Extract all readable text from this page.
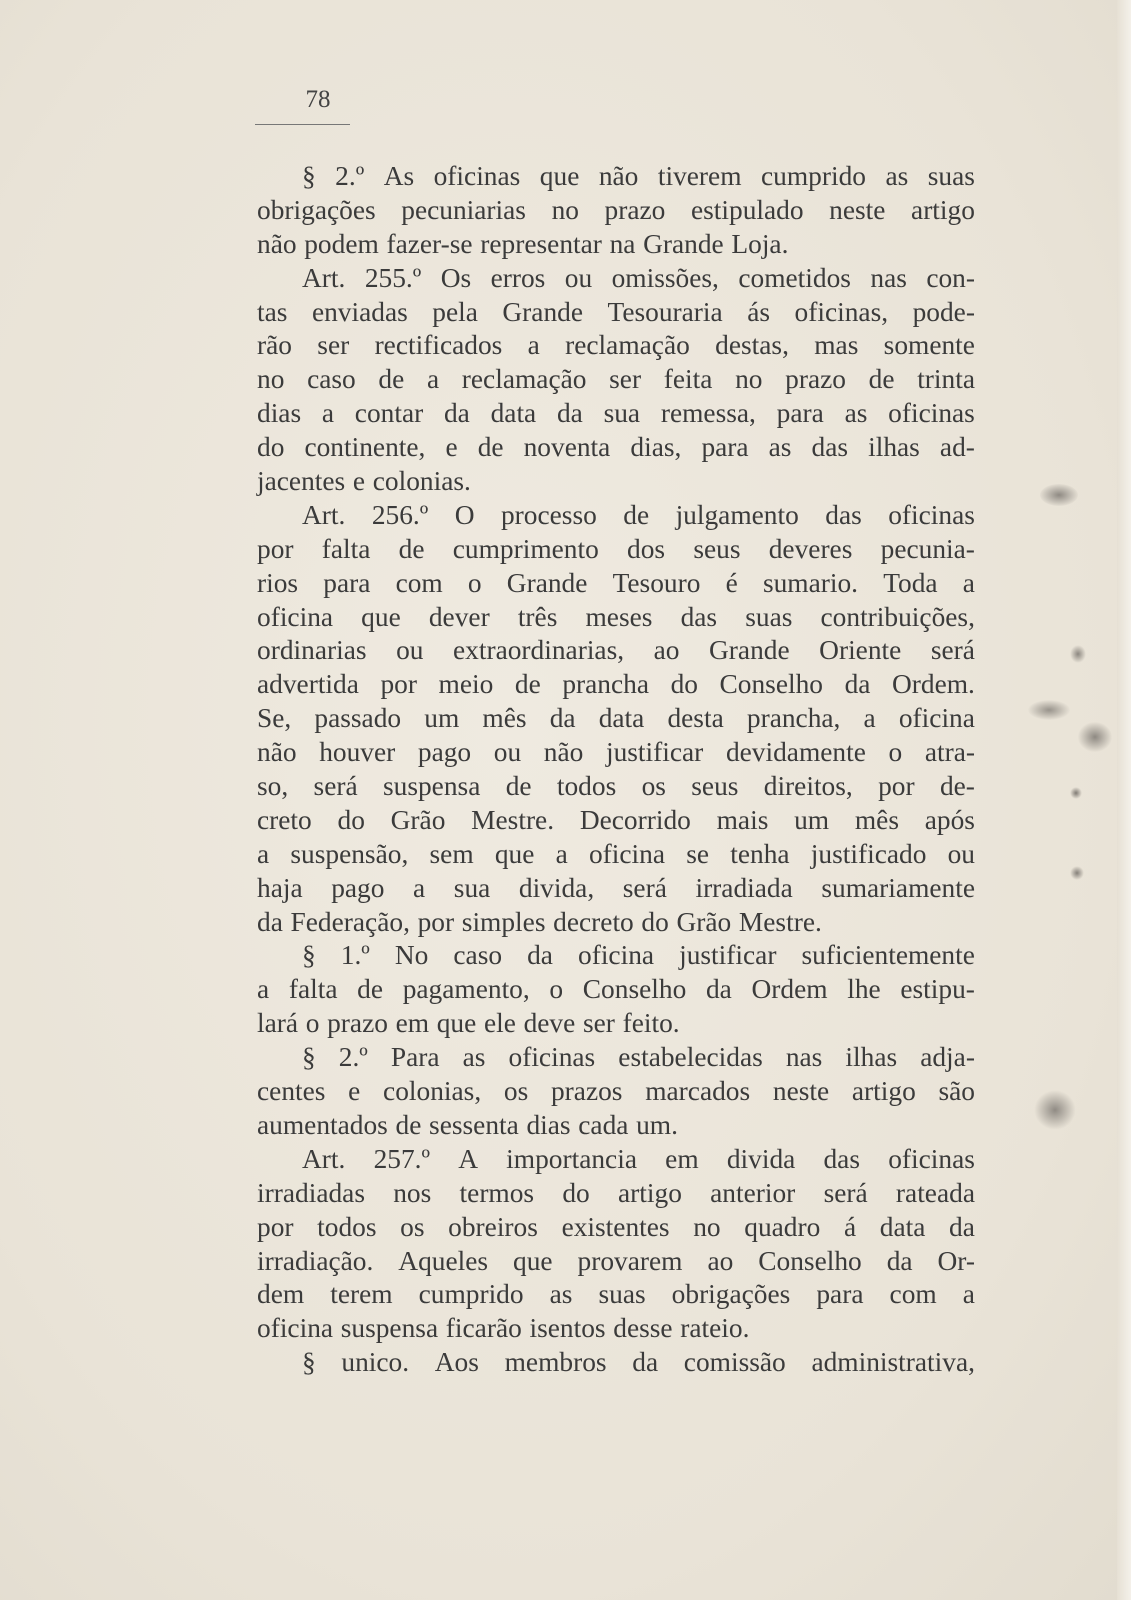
78
§ 2.º As oficinas que não tiverem cumprido as suas
obrigações pecuniarias no prazo estipulado neste artigo
não podem fazer-se representar na Grande Loja.
Art. 255.º Os erros ou omissões, cometidos nas con-
tas enviadas pela Grande Tesouraria ás oficinas, pode-
rão ser rectificados a reclamação destas, mas somente
no caso de a reclamação ser feita no prazo de trinta
dias a contar da data da sua remessa, para as oficinas
do continente, e de noventa dias, para as das ilhas ad-
jacentes e colonias.
Art. 256.º O processo de julgamento das oficinas
por falta de cumprimento dos seus deveres pecunia-
rios para com o Grande Tesouro é sumario. Toda a
oficina que dever três meses das suas contribuições,
ordinarias ou extraordinarias, ao Grande Oriente será
advertida por meio de prancha do Conselho da Ordem.
Se, passado um mês da data desta prancha, a oficina
não houver pago ou não justificar devidamente o atra-
so, será suspensa de todos os seus direitos, por de-
creto do Grão Mestre. Decorrido mais um mês após
a suspensão, sem que a oficina se tenha justificado ou
haja pago a sua divida, será irradiada sumariamente
da Federação, por simples decreto do Grão Mestre.
§ 1.º No caso da oficina justificar suficientemente
a falta de pagamento, o Conselho da Ordem lhe estipu-
lará o prazo em que ele deve ser feito.
§ 2.º Para as oficinas estabelecidas nas ilhas adja-
centes e colonias, os prazos marcados neste artigo são
aumentados de sessenta dias cada um.
Art. 257.º A importancia em divida das oficinas
irradiadas nos termos do artigo anterior será rateada
por todos os obreiros existentes no quadro á data da
irradiação. Aqueles que provarem ao Conselho da Or-
dem terem cumprido as suas obrigações para com a
oficina suspensa ficarão isentos desse rateio.
§ unico. Aos membros da comissão administrativa,
